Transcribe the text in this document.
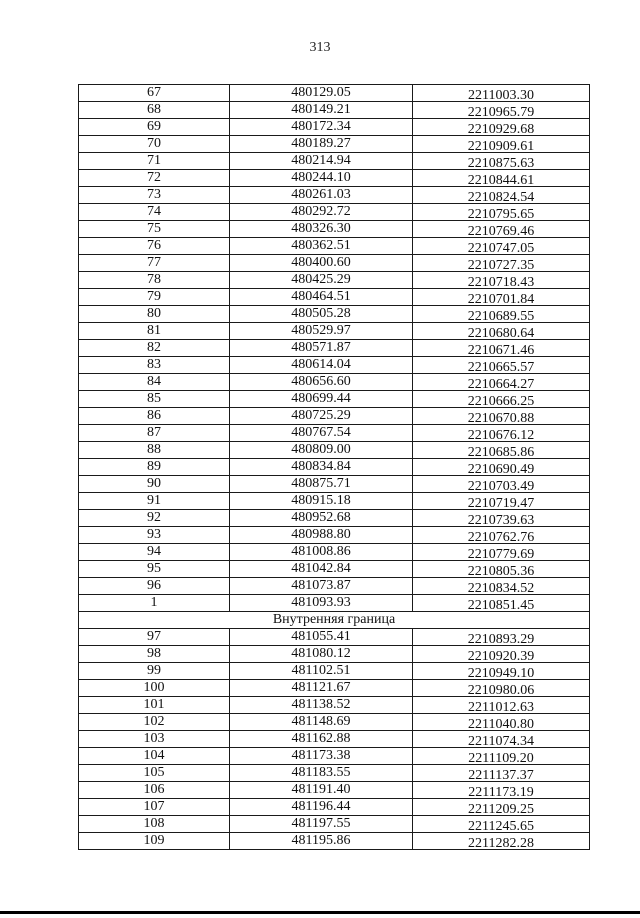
313
67	480129.05	2211003.30
68	480149.21	2210965.79
69	480172.34	2210929.68
70	480189.27	2210909.61
71	480214.94	2210875.63
72	480244.10	2210844.61
73	480261.03	2210824.54
74	480292.72	2210795.65
75	480326.30	2210769.46
76	480362.51	2210747.05
77	480400.60	2210727.35
78	480425.29	2210718.43
79	480464.51	2210701.84
80	480505.28	2210689.55
81	480529.97	2210680.64
82	480571.87	2210671.46
83	480614.04	2210665.57
84	480656.60	2210664.27
85	480699.44	2210666.25
86	480725.29	2210670.88
87	480767.54	2210676.12
88	480809.00	2210685.86
89	480834.84	2210690.49
90	480875.71	2210703.49
91	480915.18	2210719.47
92	480952.68	2210739.63
93	480988.80	2210762.76
94	481008.86	2210779.69
95	481042.84	2210805.36
96	481073.87	2210834.52
1	481093.93	2210851.45
Внутренняя граница		
97	481055.41	2210893.29
98	481080.12	2210920.39
99	481102.51	2210949.10
100	481121.67	2210980.06
101	481138.52	2211012.63
102	481148.69	2211040.80
103	481162.88	2211074.34
104	481173.38	2211109.20
105	481183.55	2211137.37
106	481191.40	2211173.19
107	481196.44	2211209.25
108	481197.55	2211245.65
109	481195.86	2211282.28
